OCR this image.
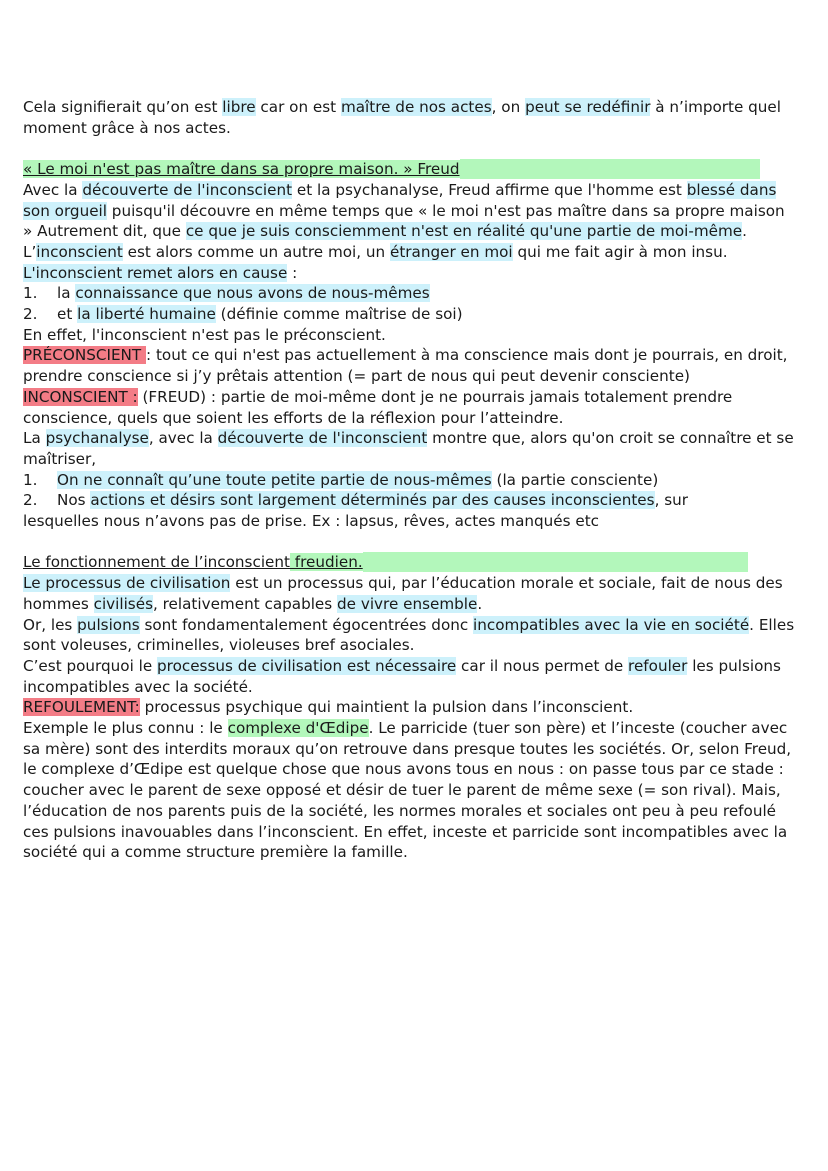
Cela signifierait qu’on est libre car on est maître de nos actes, on peut se redéfinir à n’importe quel moment grâce à nos actes.

« Le moi n'est pas maître dans sa propre maison. » Freud

Avec la découverte de l'inconscient et la psychanalyse, Freud affirme que l'homme est blessé dans son orgueil puisqu'il découvre en même temps que « le moi n'est pas maître dans sa propre maison » Autrement dit, que ce que je suis consciemment n'est en réalité qu'une partie de moi-même. L’inconscient est alors comme un autre moi, un étranger en moi qui me fait agir à mon insu. L'inconscient remet alors en cause :

1.	la connaissance que nous avons de nous-mêmes
2.	et la liberté humaine (définie comme maîtrise de soi)

En effet, l'inconscient n'est pas le préconscient.

PRÉCONSCIENT : tout ce qui n'est pas actuellement à ma conscience mais dont je pourrais, en droit, prendre conscience si j’y prêtais attention (= part de nous qui peut devenir consciente)

INCONSCIENT : (FREUD) : partie de moi-même dont je ne pourrais jamais totalement prendre conscience, quels que soient les efforts de la réflexion pour l’atteindre.

La psychanalyse, avec la découverte de l'inconscient montre que, alors qu'on croit se connaître et se maîtriser,

1.	On ne connaît qu’une toute petite partie de nous-mêmes (la partie consciente)
2.	Nos actions et désirs sont largement déterminés par des causes inconscientes, sur

lesquelles nous n’avons pas de prise. Ex : lapsus, rêves, actes manqués etc

Le fonctionnement de l’inconscient freudien.

Le processus de civilisation est un processus qui, par l’éducation morale et sociale, fait de nous des hommes civilisés, relativement capables de vivre ensemble.

Or, les pulsions sont fondamentalement égocentrées donc incompatibles avec la vie en société. Elles sont voleuses, criminelles, violeuses bref asociales.

C’est pourquoi le processus de civilisation est nécessaire car il nous permet de refouler les pulsions incompatibles avec la société.

REFOULEMENT: processus psychique qui maintient la pulsion dans l’inconscient.

Exemple le plus connu : le complexe d'Œdipe. Le parricide (tuer son père) et l’inceste (coucher avec sa mère) sont des interdits moraux qu’on retrouve dans presque toutes les sociétés. Or, selon Freud, le complexe d’Œdipe est quelque chose que nous avons tous en nous : on passe tous par ce stade : coucher avec le parent de sexe opposé et désir de tuer le parent de même sexe (= son rival). Mais, l’éducation de nos parents puis de la société, les normes morales et sociales ont peu à peu refoulé ces pulsions inavouables dans l’inconscient. En effet, inceste et parricide sont incompatibles avec la société qui a comme structure première la famille.
